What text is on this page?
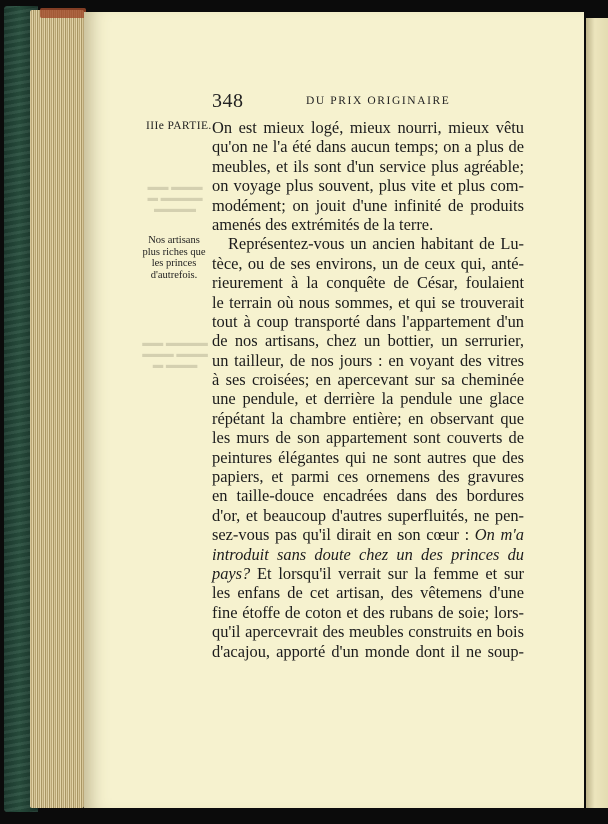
348	DU PRIX ORIGINAIRE
IIIe PARTIE.
Nos artisans
plus riches que
les princes
d'autrefois.
▬▬▬ ▬▬
▬▬▬▬ ▬
▬▬▬▬
▬▬▬▬ ▬▬
▬▬▬ ▬▬▬
▬▬▬ ▬
On est mieux logé, mieux nourri, mieux vêtu
qu'on ne l'a été dans aucun temps; on a plus de
meubles, et ils sont d'un service plus agréable;
on voyage plus souvent, plus vite et plus com-
modément; on jouit d'une infinité de produits
amenés des extrémités de la terre.
Représentez-vous un ancien habitant de Lu-
tèce, ou de ses environs, un de ceux qui, anté-
rieurement à la conquête de César, foulaient
le terrain où nous sommes, et qui se trouverait
tout à coup transporté dans l'appartement d'un
de nos artisans, chez un bottier, un serrurier,
un tailleur, de nos jours : en voyant des vitres
à ses croisées; en apercevant sur sa cheminée
une pendule, et derrière la pendule une glace
répétant la chambre entière; en observant que
les murs de son appartement sont couverts de
peintures élégantes qui ne sont autres que des
papiers, et parmi ces ornemens des gravures
en taille-douce encadrées dans des bordures
d'or, et beaucoup d'autres superfluités, ne pen-
sez-vous pas qu'il dirait en son cœur : On m'a
introduit sans doute chez un des princes du
pays? Et lorsqu'il verrait sur la femme et sur
les enfans de cet artisan, des vêtemens d'une
fine étoffe de coton et des rubans de soie; lors-
qu'il apercevrait des meubles construits en bois
d'acajou, apporté d'un monde dont il ne soup-
